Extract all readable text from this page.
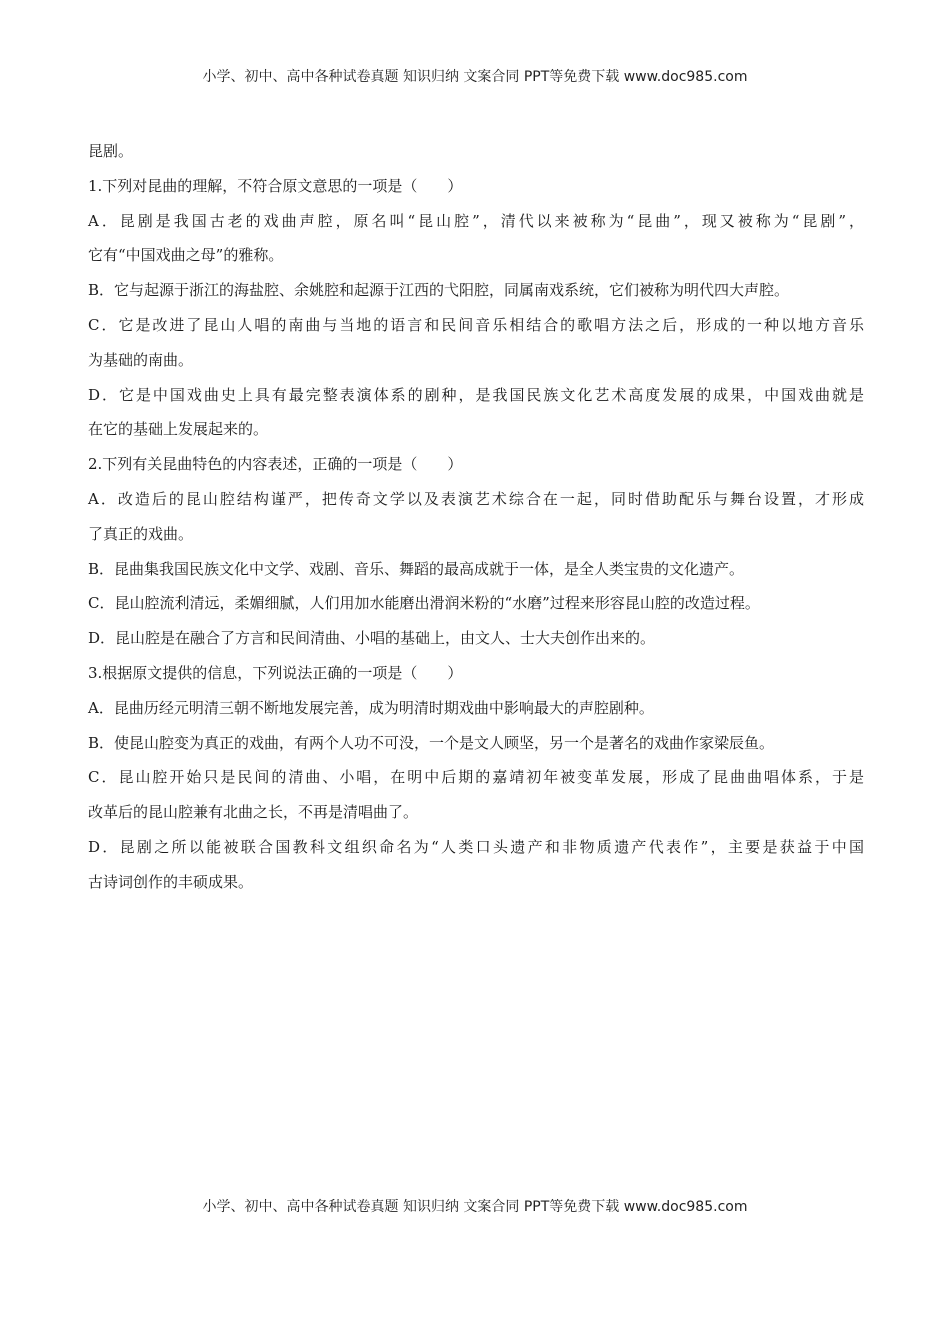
小学、初中、高中各种试卷真题 知识归纳 文案合同 PPT等免费下载 www.doc985.com
昆剧。
1.下列对昆曲的理解，不符合原文意思的一项是（　　）
A．昆剧是我国古老的戏曲声腔，原名叫“昆山腔”，清代以来被称为“昆曲”，现又被称为“昆剧”，
它有“中国戏曲之母”的雅称。
B．它与起源于浙江的海盐腔、余姚腔和起源于江西的弋阳腔，同属南戏系统，它们被称为明代四大声腔。
C．它是改进了昆山人唱的南曲与当地的语言和民间音乐相结合的歌唱方法之后，形成的一种以地方音乐
为基础的南曲。
D．它是中国戏曲史上具有最完整表演体系的剧种，是我国民族文化艺术高度发展的成果，中国戏曲就是
在它的基础上发展起来的。
2.下列有关昆曲特色的内容表述，正确的一项是（　　）
A．改造后的昆山腔结构谨严，把传奇文学以及表演艺术综合在一起，同时借助配乐与舞台设置，才形成
了真正的戏曲。
B．昆曲集我国民族文化中文学、戏剧、音乐、舞蹈的最高成就于一体，是全人类宝贵的文化遗产。
C．昆山腔流利清远，柔媚细腻，人们用加水能磨出滑润米粉的“水磨”过程来形容昆山腔的改造过程。
D．昆山腔是在融合了方言和民间清曲、小唱的基础上，由文人、士大夫创作出来的。
3.根据原文提供的信息，下列说法正确的一项是（　　）
A．昆曲历经元明清三朝不断地发展完善，成为明清时期戏曲中影响最大的声腔剧种。
B．使昆山腔变为真正的戏曲，有两个人功不可没，一个是文人顾坚，另一个是著名的戏曲作家梁辰鱼。
C．昆山腔开始只是民间的清曲、小唱，在明中后期的嘉靖初年被变革发展，形成了昆曲曲唱体系，于是
改革后的昆山腔兼有北曲之长，不再是清唱曲了。
D．昆剧之所以能被联合国教科文组织命名为“人类口头遗产和非物质遗产代表作”，主要是获益于中国
古诗词创作的丰硕成果。
小学、初中、高中各种试卷真题 知识归纳 文案合同 PPT等免费下载 www.doc985.com
